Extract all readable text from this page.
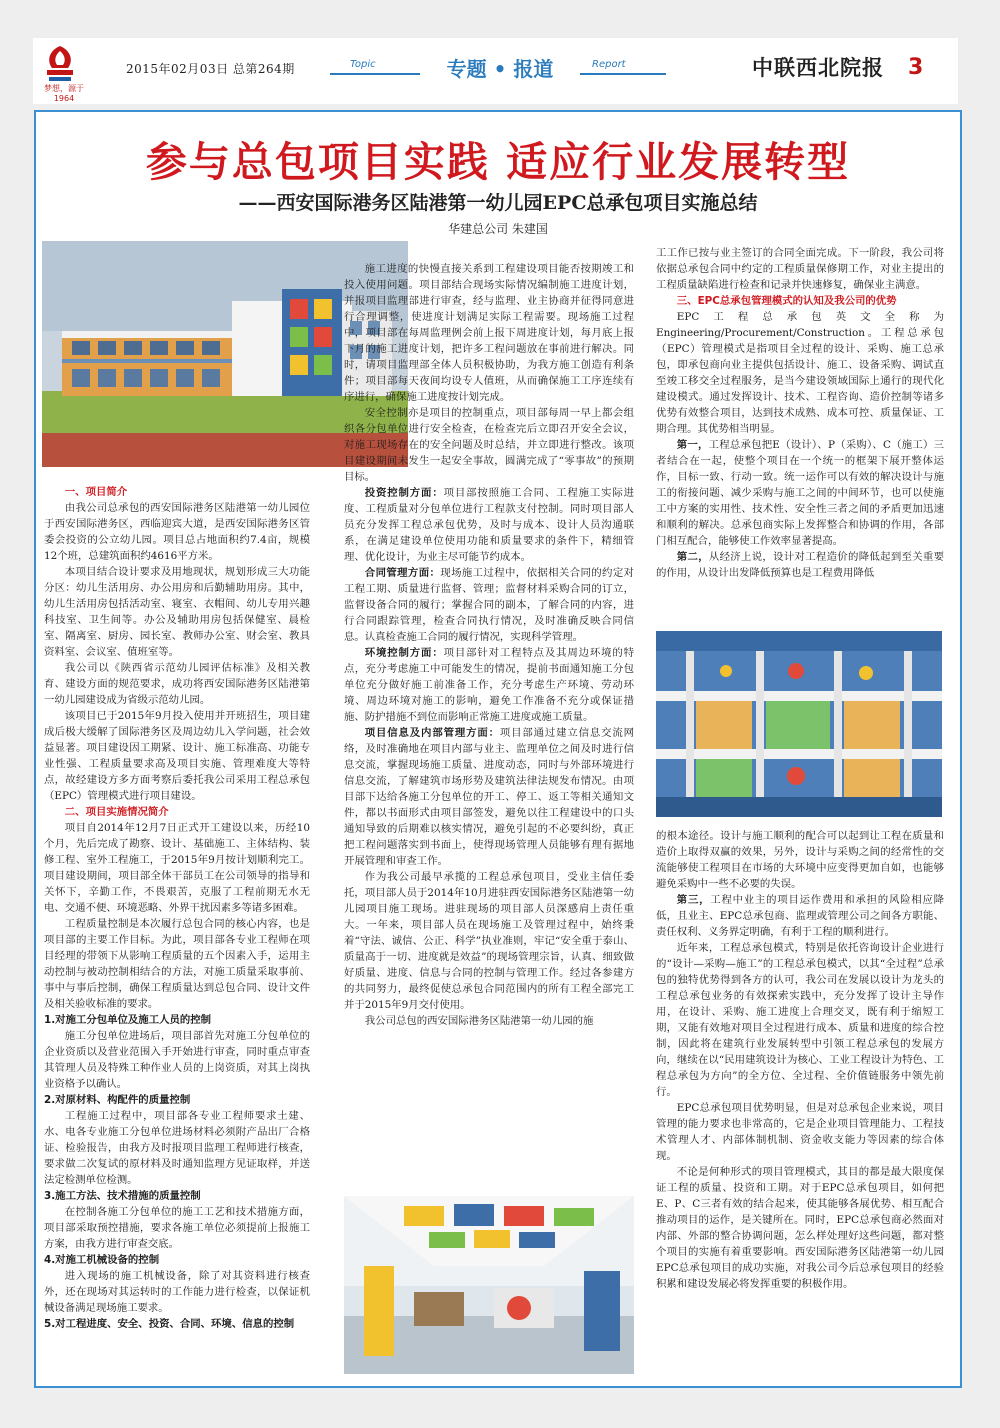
梦想，源于1964
2015年02月03日 总第264期	Topic	专题 • 报道	Report	中联西北院报 3
参与总包项目实践 适应行业发展转型
——西安国际港务区陆港第一幼儿园EPC总承包项目实施总结
华建总公司 朱建国

一、项目简介

由我公司总承包的西安国际港务区陆港第一幼儿园位于西安国际港务区，西临迎宾大道，是西安国际港务区管委会投资的公立幼儿园。项目总占地面积约7.4亩，规模12个班，总建筑面积约4616平方米。

本项目结合设计要求及用地现状，规划形成三大功能分区：幼儿生活用房、办公用房和后勤辅助用房。其中，幼儿生活用房包括活动室、寝室、衣帽间、幼儿专用兴趣科技室、卫生间等。办公及辅助用房包括保健室、晨检室、隔离室、厨房、园长室、教师办公室、财会室、教具资料室、会议室、值班室等。

我公司以《陕西省示范幼儿园评估标准》及相关教育、建设方面的规范要求，成功将西安国际港务区陆港第一幼儿园建设成为省级示范幼儿园。

该项目已于2015年9月投入使用并开班招生，项目建成后极大缓解了国际港务区及周边幼儿入学问题，社会效益显著。项目建设因工期紧、设计、施工标准高、功能专业性强、工程质量要求高及项目实施、管理难度大等特点，故经建设方多方面考察后委托我公司采用工程总承包（EPC）管理模式进行项目建设。

二、项目实施情况简介

项目自2014年12月7日正式开工建设以来，历经10个月，先后完成了勘察、设计、基础施工、主体结构、装修工程、室外工程施工，于2015年9月按计划顺利完工。项目建设期间，项目部全体干部员工在公司领导的指导和关怀下，辛勤工作，不畏艰苦，克服了工程前期无水无电、交通不便、环境恶略、外界干扰因素多等诸多困难。

工程质量控制是本次履行总包合同的核心内容，也是项目部的主要工作目标。为此，项目部各专业工程师在项目经理的带领下从影响工程质量的五个因素入手，运用主动控制与被动控制相结合的方法，对施工质量采取事前、事中与事后控制，确保工程质量达到总包合同、设计文件及相关验收标准的要求。

1.对施工分包单位及施工人员的控制

施工分包单位进场后，项目部首先对施工分包单位的企业资质以及营业范围入手开始进行审查，同时重点审查其管理人员及特殊工种作业人员的上岗资质，对其上岗执业资格予以确认。

2.对原材料、构配件的质量控制

工程施工过程中，项目部各专业工程师要求土建、水、电各专业施工分包单位进场材料必须附产品出厂合格证、检验报告，由我方及时报项目监理工程师进行核查，要求做二次复试的原材料及时通知监理方见证取样，并送法定检测单位检测。

3.施工方法、技术措施的质量控制

在控制各施工分包单位的施工工艺和技术措施方面，项目部采取预控措施，要求各施工单位必须提前上报施工方案，由我方进行审查交底。

4.对施工机械设备的控制

进入现场的施工机械设备，除了对其资料进行核查外，还在现场对其运转时的工作能力进行检查，以保证机械设备满足现场施工要求。

5.对工程进度、安全、投资、合同、环境、信息的控制

施工进度的快慢直接关系到工程建设项目能否按期竣工和投入使用问题。项目部结合现场实际情况编制施工进度计划，并报项目监理部进行审查，经与监理、业主协商并征得同意进行合理调整，使进度计划满足实际工程需要。现场施工过程中，项目部在每周监理例会前上报下周进度计划，每月底上报下月的施工进度计划，把许多工程问题放在事前进行解决。同时，请项目监理部全体人员积极协助，为我方施工创造有利条件；项目部每天夜间均设专人值班，从而确保施工工序连续有序进行，确保施工进度按计划完成。

安全控制亦是项目的控制重点，项目部每周一早上都会组织各分包单位进行安全检查，在检查完后立即召开安全会议，对施工现场存在的安全问题及时总结，并立即进行整改。该项目建设期间未发生一起安全事故，圆满完成了“零事故”的预期目标。

投资控制方面：项目部按照施工合同、工程施工实际进度、工程质量对分包单位进行工程款支付控制。同时项目部人员充分发挥工程总承包优势，及时与成本、设计人员沟通联系，在满足建设单位使用功能和质量要求的条件下，精细管理、优化设计，为业主尽可能节约成本。

合同管理方面：现场施工过程中，依据相关合同的约定对工程工期、质量进行监督、管理；监督材料采购合同的订立，监督设备合同的履行；掌握合同的副本，了解合同的内容，进行合同跟踪管理，检查合同执行情况，及时准确反映合同信息。认真检查施工合同的履行情况，实现科学管理。

环境控制方面：项目部针对工程特点及其周边环境的特点，充分考虑施工中可能发生的情况，提前书面通知施工分包单位充分做好施工前准备工作，充分考虑生产环境、劳动环境、周边环境对施工的影响，避免工作准备不充分或保证措施、防护措施不到位而影响正常施工进度或施工质量。

项目信息及内部管理方面：项目部通过建立信息交流网络，及时准确地在项目内部与业主、监理单位之间及时进行信息交流，掌握现场施工质量、进度动态，同时与外部环境进行信息交流，了解建筑市场形势及建筑法律法规发布情况。由项目部下达给各施工分包单位的开工、停工、返工等相关通知文件，都以书面形式由项目部签发，避免以往工程建设中的口头通知导致的后期难以核实情况，避免引起的不必要纠纷，真正把工程问题落实到书面上，使得现场管理人员能够有理有据地开展管理和审查工作。

作为我公司最早承揽的工程总承包项目，受业主信任委托，项目部人员于2014年10月进驻西安国际港务区陆港第一幼儿园项目施工现场。进驻现场的项目部人员深感肩上责任重大。一年来，项目部人员在现场施工及管理过程中，始终秉着“守法、诚信、公正、科学”执业准则，牢记“安全重于泰山、质量高于一切、进度就是效益”的现场管理宗旨，认真、细致做好质量、进度、信息与合同的控制与管理工作。经过各参建方的共同努力，最终促使总承包合同范围内的所有工程全部完工并于2015年9月交付使用。

我公司总包的西安国际港务区陆港第一幼儿园的施

工工作已按与业主签订的合同全面完成。下一阶段，我公司将依据总承包合同中约定的工程质量保修期工作，对业主提出的工程质量缺陷进行检查和记录并快速修复，确保业主满意。

三、EPC总承包管理模式的认知及我公司的优势

EPC工程总承包英文全称为Engineering/Procurement/Construction。工程总承包（EPC）管理模式是指项目全过程的设计、采购、施工总承包，即承包商向业主提供包括设计、施工、设备采购、调试直至竣工移交全过程服务，是当今建设领域国际上通行的现代化建设模式。通过发挥设计、技术、工程咨询、造价控制等诸多优势有效整合项目，达到技术成熟、成本可控、质量保证、工期合理。其优势相当明显。

第一，工程总承包把E（设计）、P（采购）、C（施工）三者结合在一起，使整个项目在一个统一的框架下展开整体运作，目标一致、行动一致。统一运作可以有效的解决设计与施工的衔接问题、减少采购与施工之间的中间环节，也可以使施工中方案的实用性、技术性、安全性三者之间的矛盾更加迅速和顺利的解决。总承包商实际上发挥整合和协调的作用，各部门相互配合，能够使工作效率显著提高。

第二，从经济上说，设计对工程造价的降低起到至关重要的作用，从设计出发降低预算也是工程费用降低

的根本途径。设计与施工顺利的配合可以起到让工程在质量和造价上取得双赢的效果，另外，设计与采购之间的经常性的交流能够使工程项目在市场的大环境中应变得更加自如，也能够避免采购中一些不必要的失误。

第三，工程中业主的项目运作费用和承担的风险相应降低，且业主、EPC总承包商、监理或管理公司之间各方职能、责任权利、义务界定明确，有利于工程的顺利进行。

近年来，工程总承包模式，特别是依托咨询设计企业进行的“设计—采购—施工”的工程总承包模式，以其“全过程”总承包的独特优势得到各方的认可，我公司在发展以设计为龙头的工程总承包业务的有效探索实践中，充分发挥了设计主导作用，在设计、采购、施工进度上合理交叉，既有利于缩短工期，又能有效地对项目全过程进行成本、质量和进度的综合控制，因此将在建筑行业发展转型中引领工程总承包的发展方向，继续在以“民用建筑设计为核心、工业工程设计为特色、工程总承包为方向”的全方位、全过程、全价值链服务中领先前行。

EPC总承包项目优势明显，但是对总承包企业来说，项目管理的能力要求也非常高的，它是企业项目管理能力、工程技术管理人才、内部体制机制、资金收支能力等因素的综合体现。

不论是何种形式的项目管理模式，其目的都是最大限度保证工程的质量、投资和工期。对于EPC总承包项目，如何把E、P、C三者有效的结合起来，使其能够各展优势、相互配合推动项目的运作，是关键所在。同时，EPC总承包商必然面对内部、外部的整合协调问题，怎么样处理好这些问题，都对整个项目的实施有着重要影响。西安国际港务区陆港第一幼儿园EPC总承包项目的成功实施，对我公司今后总承包项目的经验积累和建设发展必将发挥重要的积极作用。
